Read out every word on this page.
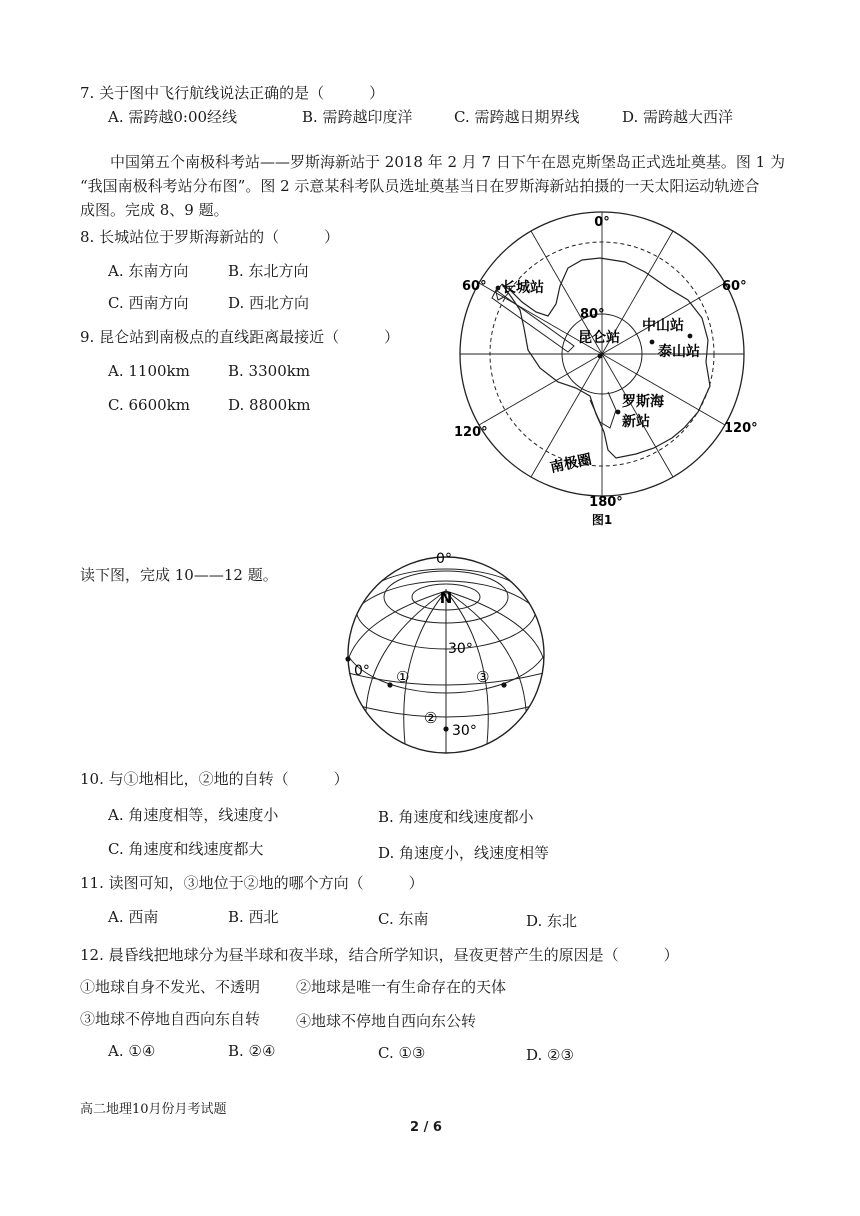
7. 关于图中飞行航线说法正确的是（　　　）
A. 需跨越0:00经线	B. 需跨越印度洋	C. 需跨越日期界线	D. 需跨越大西洋
中国第五个南极科考站——罗斯海新站于 2018 年 2 月 7 日下午在恩克斯堡岛正式选址奠基。图 1 为
“我国南极科考站分布图”。图 2 示意某科考队员选址奠基当日在罗斯海新站拍摄的一天太阳运动轨迹合
成图。完成 8、9 题。
8. 长城站位于罗斯海新站的（　　　）
A. 东南方向	B. 东北方向
C. 西南方向	D. 西北方向
9. 昆仑站到南极点的直线距离最接近（　　　）
A. 1100km	B. 3300km
C. 6600km	D. 8800km
0°
60°	60°
120°	120°
180°
80°
长城站
昆仑站
中山站
泰山站
罗斯海
新站
南极圈
图1
读下图，完成 10——12 题。
0°
N
30°
0°
30°
①
②
③
10. 与①地相比，②地的自转（　　　）
A. 角速度相等，线速度小	B. 角速度和线速度都小
C. 角速度和线速度都大	D. 角速度小，线速度相等
11. 读图可知，③地位于②地的哪个方向（　　　）
A. 西南	B. 西北	C. 东南	D. 东北
12. 晨昏线把地球分为昼半球和夜半球，结合所学知识，昼夜更替产生的原因是（　　　）
①地球自身不发光、不透明 ②地球是唯一有生命存在的天体
③地球不停地自西向东自转 ④地球不停地自西向东公转
A. ①④	B. ②④	C. ①③	D. ②③
高二地理10月份月考试题
2 / 6
